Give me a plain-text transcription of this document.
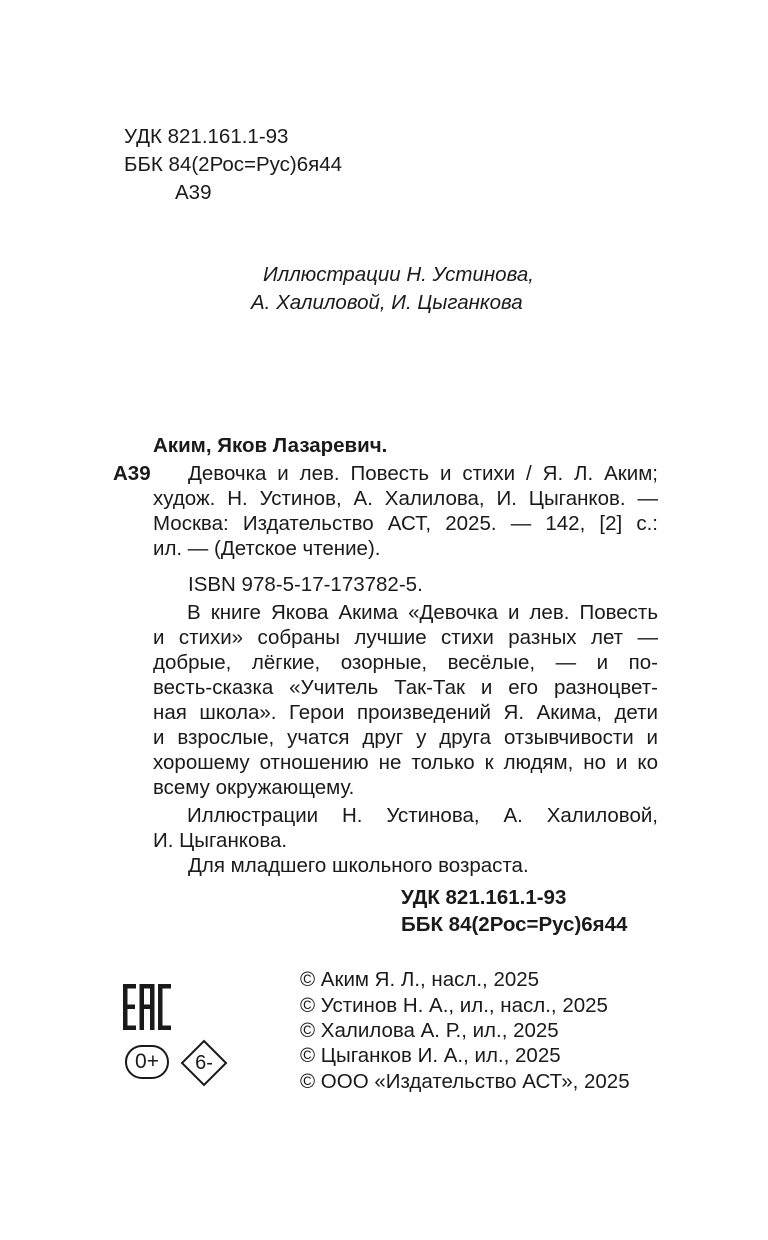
УДК 821.161.1-93
ББК 84(2Рос=Рус)6я44
А39
Иллюстрации Н. Устинова,
А. Халиловой, И. Цыганкова
Аким, Яков Лазаревич.
А39 Девочка и лев. Повесть и стихи / Я. Л. Аким;
худож. Н. Устинов, А. Халилова, И. Цыганков. —
Москва: Издательство АСТ, 2025. — 142, [2] с.:
ил. — (Детское чтение).
ISBN 978-5-17-173782-5.
В книге Якова Акима «Девочка и лев. Повесть
и стихи» собраны лучшие стихи разных лет —
добрые, лёгкие, озорные, весёлые, — и по-
весть-сказка «Учитель Так-Так и его разноцвет-
ная школа». Герои произведений Я. Акима, дети
и взрослые, учатся друг у друга отзывчивости и
хорошему отношению не только к людям, но и ко
всему окружающему.
Иллюстрации Н. Устинова, А. Халиловой,
И. Цыганкова.
Для младшего школьного возраста.
УДК 821.161.1-93
ББК 84(2Рос=Рус)6я44
0+	6-
© Аким Я. Л., насл., 2025
© Устинов Н. А., ил., насл., 2025
© Халилова А. Р., ил., 2025
© Цыганков И. А., ил., 2025
© ООО «Издательство АСТ», 2025
